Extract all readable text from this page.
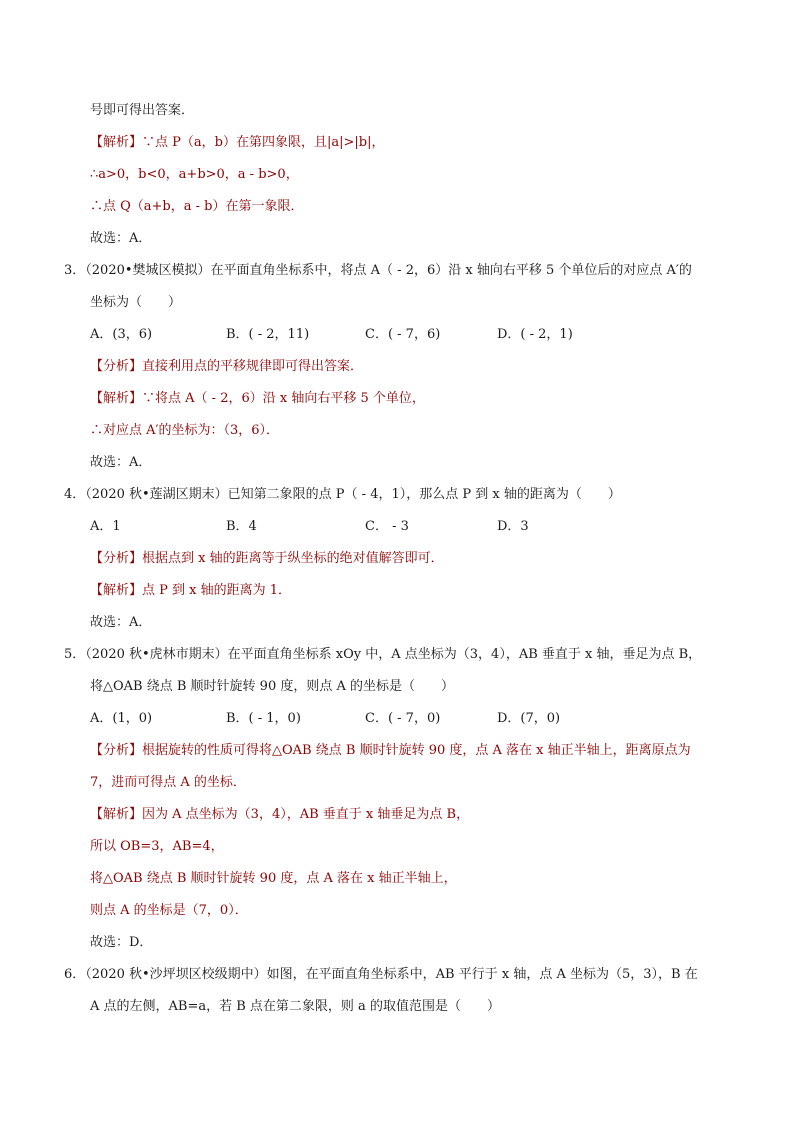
号即可得出答案．
【解析】∵点 P（a，b）在第四象限，且|a|>|b|，
∴a>0，b<0，a+b>0，a - b>0，
∴点 Q（a+b，a - b）在第一象限．
故选：A．
3．（2020•樊城区模拟）在平面直角坐标系中，将点 A（ - 2，6）沿 x 轴向右平移 5 个单位后的对应点 A′的
坐标为（　　）
A．(3，6)	B．( - 2，11)	C．( - 7，6)	D．( - 2，1)
【分析】直接利用点的平移规律即可得出答案．
【解析】∵将点 A（ - 2，6）沿 x 轴向右平移 5 个单位，
∴对应点 A′的坐标为：（3，6）．
故选：A．
4．（2020 秋•莲湖区期末）已知第二象限的点 P（ - 4，1），那么点 P 到 x 轴的距离为（　　）
A．1	B．4	C． - 3	D．3
【分析】根据点到 x 轴的距离等于纵坐标的绝对值解答即可．
【解析】点 P 到 x 轴的距离为 1．
故选：A．
5．（2020 秋•虎林市期末）在平面直角坐标系 xOy 中，A 点坐标为（3，4），AB 垂直于 x 轴，垂足为点 B，
将△OAB 绕点 B 顺时针旋转 90 度，则点 A 的坐标是（　　）
A．(1，0)	B．( - 1，0)	C．( - 7，0)	D．(7，0)
【分析】根据旋转的性质可得将△OAB 绕点 B 顺时针旋转 90 度，点 A 落在 x 轴正半轴上，距离原点为
7，进而可得点 A 的坐标．
【解析】因为 A 点坐标为（3，4），AB 垂直于 x 轴垂足为点 B，
所以 OB=3，AB=4，
将△OAB 绕点 B 顺时针旋转 90 度，点 A 落在 x 轴正半轴上，
则点 A 的坐标是（7，0）．
故选：D．
6．（2020 秋•沙坪坝区校级期中）如图，在平面直角坐标系中，AB 平行于 x 轴，点 A 坐标为（5，3），B 在
A 点的左侧，AB=a，若 B 点在第二象限，则 a 的取值范围是（　　）
